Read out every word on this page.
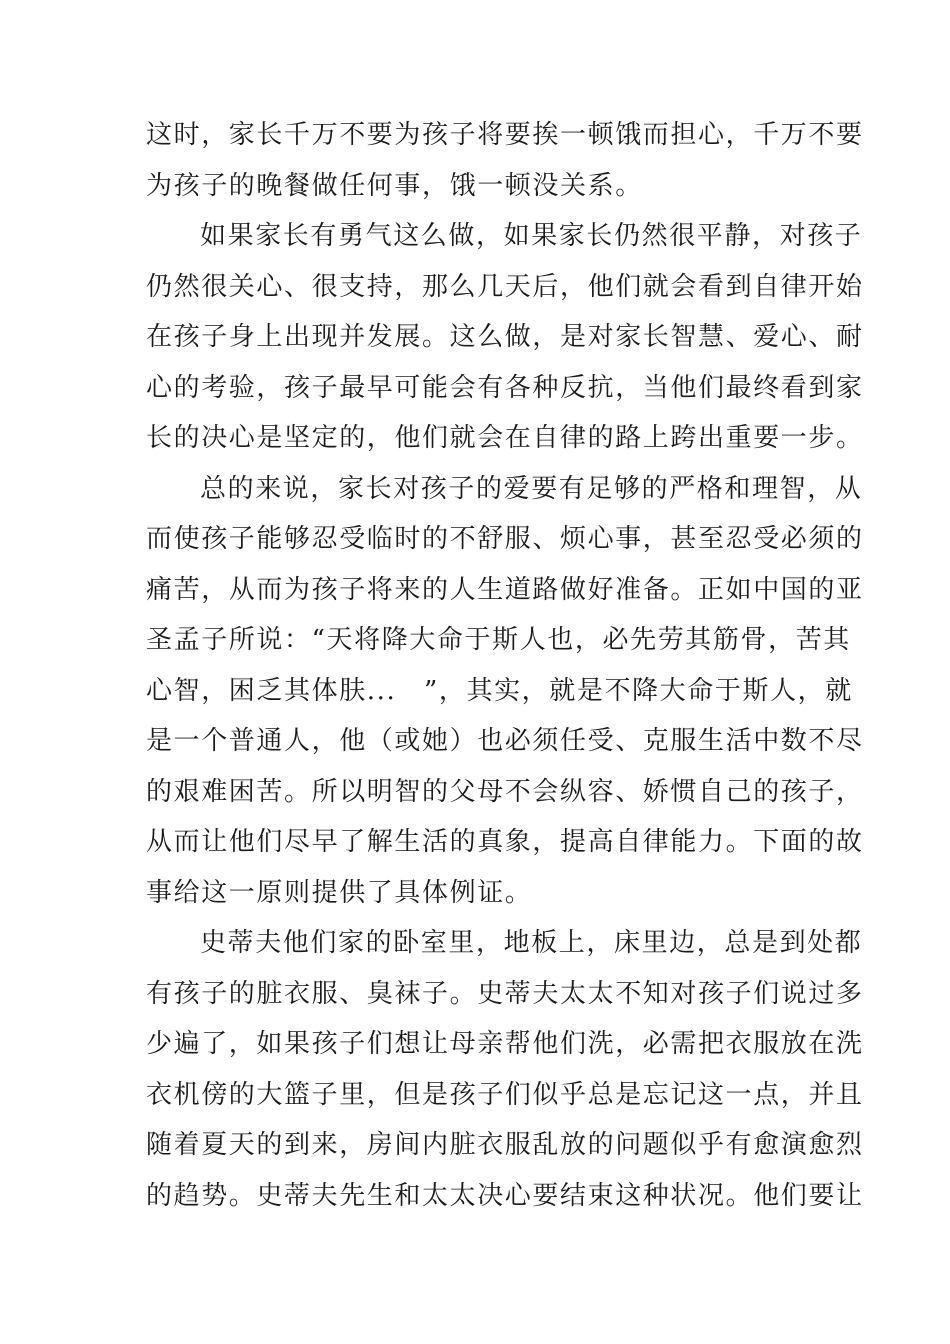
这时，家长千万不要为孩子将要挨一顿饿而担心，千万不要
为孩子的晚餐做任何事，饿一顿没关系。
如果家长有勇气这么做，如果家长仍然很平静，对孩子
仍然很关心、很支持，那么几天后，他们就会看到自律开始
在孩子身上出现并发展。这么做，是对家长智慧、爱心、耐
心的考验，孩子最早可能会有各种反抗，当他们最终看到家
长的决心是坚定的，他们就会在自律的路上跨出重要一步。
总的来说，家长对孩子的爱要有足够的严格和理智，从
而使孩子能够忍受临时的不舒服、烦心事，甚至忍受必须的
痛苦，从而为孩子将来的人生道路做好准备。正如中国的亚
圣孟子所说：“天将降大命于斯人也，必先劳其筋骨，苦其
心智，困乏其体肤...　”，其实，就是不降大命于斯人，就
是一个普通人，他（或她）也必须任受、克服生活中数不尽
的艰难困苦。所以明智的父母不会纵容、娇惯自己的孩子，
从而让他们尽早了解生活的真象，提高自律能力。下面的故
事给这一原则提供了具体例证。
史蒂夫他们家的卧室里，地板上，床里边，总是到处都
有孩子的脏衣服、臭袜子。史蒂夫太太不知对孩子们说过多
少遍了，如果孩子们想让母亲帮他们洗，必需把衣服放在洗
衣机傍的大篮子里，但是孩子们似乎总是忘记这一点，并且
随着夏天的到来，房间内脏衣服乱放的问题似乎有愈演愈烈
的趋势。史蒂夫先生和太太决心要结束这种状况。他们要让
